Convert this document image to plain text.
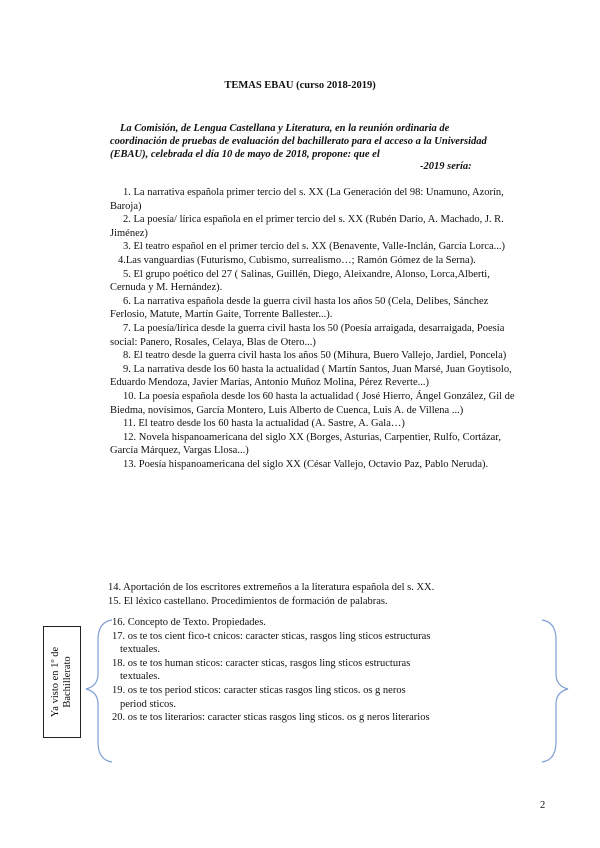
TEMAS EBAU (curso 2018-2019)

La Comisión, de Lengua Castellana y Literatura, en la reunión ordinaria de

coordinación de pruebas de evaluación del bachillerato para el acceso a la Universidad

(EBAU), celebrada el día 10 de mayo de 2018, propone: que el

-2019 sería:

1. La narrativa española primer tercio del s. XX (La Generación del 98: Unamuno, Azorín, Baroja)

2. La poesía/ lírica española en el primer tercio del s. XX (Rubén Darío, A. Machado, J. R. Jiménez)

3. El teatro español en el primer tercio del s. XX (Benavente, Valle-Inclán, García Lorca...)

4.Las vanguardias (Futurismo, Cubismo, surrealismo…; Ramón Gómez de la Serna).

5. El grupo poético del 27 ( Salinas, Guillén, Diego, Aleixandre, Alonso, Lorca,Alberti, Cernuda y M. Hernández).

6. La narrativa española desde la guerra civil hasta los años 50 (Cela, Delibes, Sánchez Ferlosio, Matute, Martín Gaite, Torrente Ballester...).

7. La poesía/lírica desde la guerra civil hasta los 50 (Poesía arraigada, desarraigada, Poesía social: Panero, Rosales, Celaya, Blas de Otero...)

8. El teatro desde la guerra civil hasta los años 50 (Mihura, Buero Vallejo, Jardiel, Poncela)

9. La narrativa desde los 60 hasta la actualidad ( Martín Santos, Juan Marsé, Juan Goytisolo, Eduardo Mendoza, Javier Marías, Antonio Muñoz Molina, Pérez Reverte...)

10. La poesía española desde los 60 hasta la actualidad ( José Hierro, Ángel González, Gil de Biedma, novísimos, García Montero, Luis Alberto de Cuenca, Luis A. de Villena ...)

11. El teatro desde los 60 hasta la actualidad (A. Sastre, A. Gala…)

12. Novela hispanoamericana del siglo XX (Borges, Asturias, Carpentier, Rulfo, Cortázar, García Márquez, Vargas Llosa...)

13. Poesía hispanoamericana del siglo XX (César Vallejo, Octavio Paz, Pablo Neruda).

14. Aportación de los escritores extremeños a la literatura española del s. XX.

15. El léxico castellano. Procedimientos de formación de palabras.

Ya visto en 1º de Bachillerato

16. Concepto de Texto. Propiedades.

17. os te tos cient fico-t cnicos: caracter sticas, rasgos ling sticos estructuras

textuales.

18. os te tos human sticos: caracter sticas, rasgos ling sticos estructuras

textuales.

19. os te tos period sticos: caracter sticas rasgos ling sticos. os g neros

period sticos.

20. os te tos literarios: caracter sticas rasgos ling sticos. os g neros literarios

2
